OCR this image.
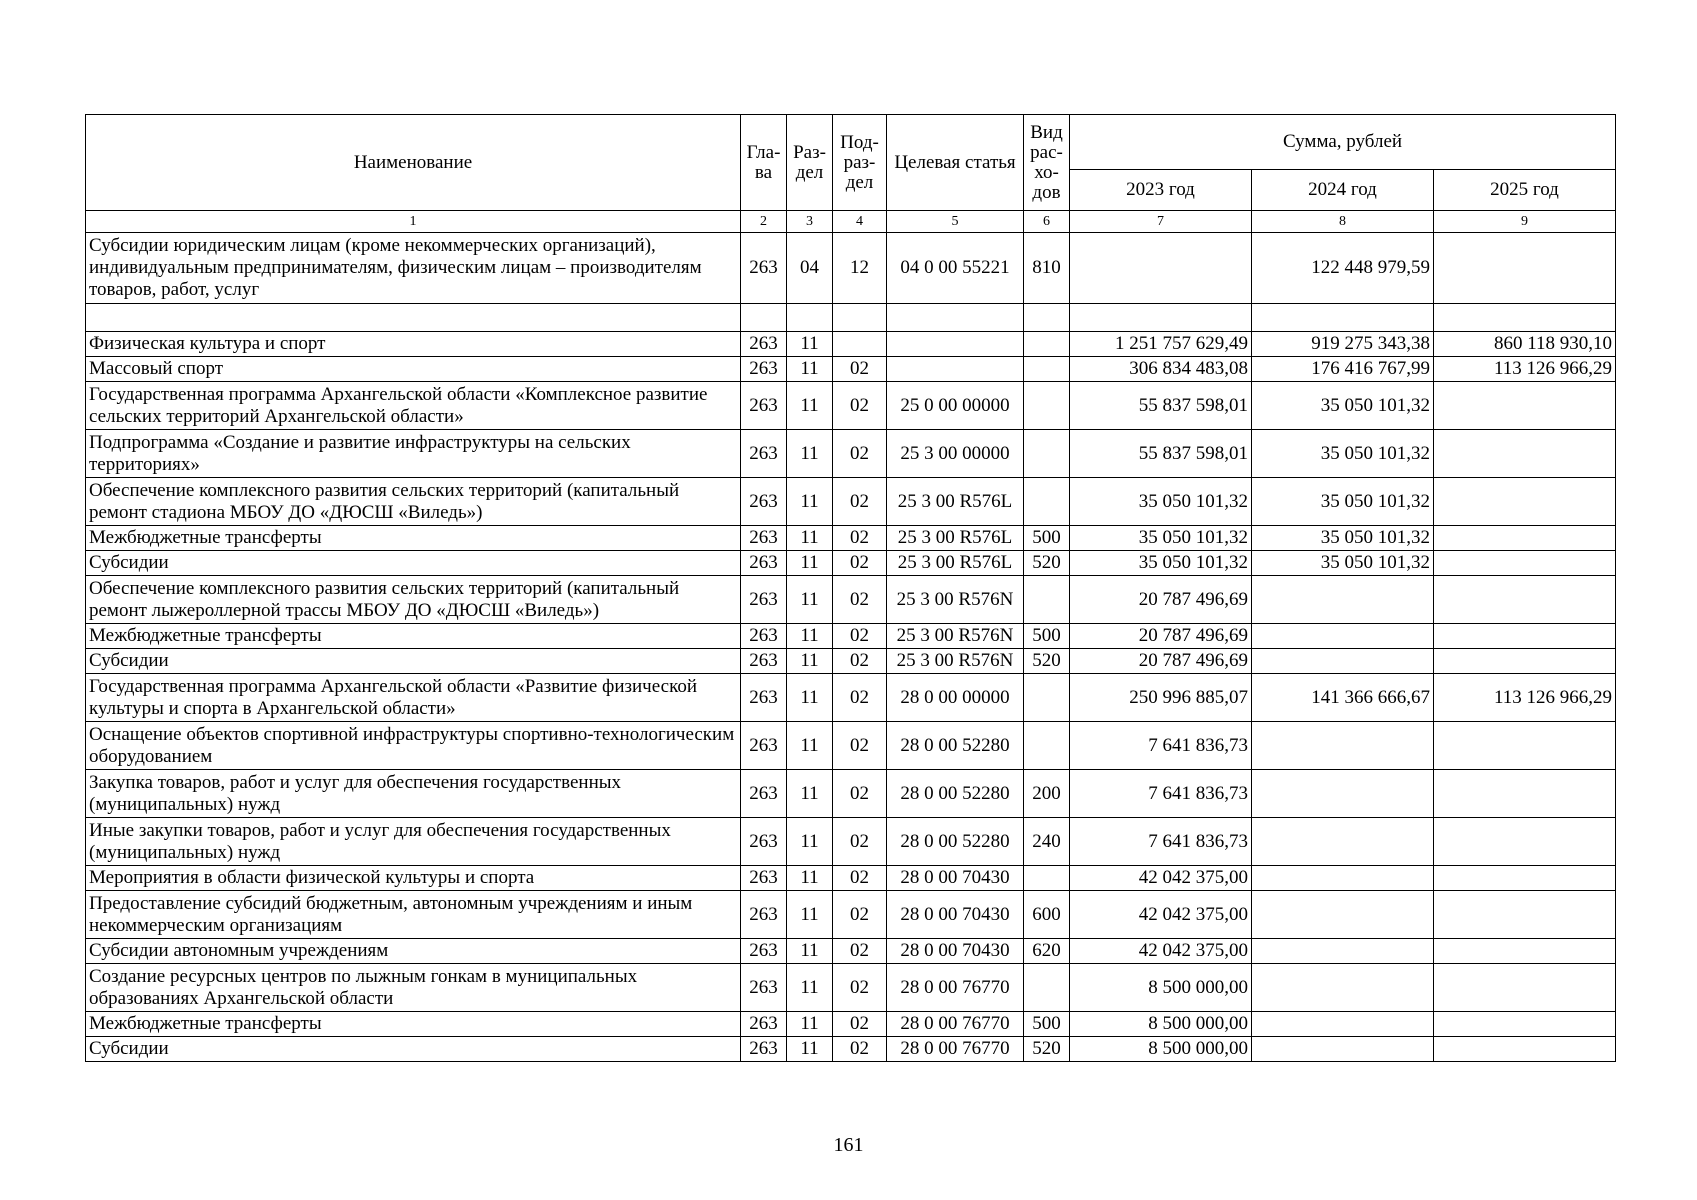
Наименование	Гла-ва	Раз-дел	Под-раз-дел	Целевая статья	Вид рас-хо-дов	Сумма, рублей		
						2023 год	2024 год	2025 год
1	2	3	4	5	6	7	8	9
Субсидии юридическим лицам (кроме некоммерческих организаций), индивидуальным предпринимателям, физическим лицам – производителям товаров, работ, услуг	263	04	12	04 0 00 55221	810		122 448 979,59	

Физическая культура и спорт	263	11				1 251 757 629,49	919 275 343,38	860 118 930,10
Массовый спорт	263	11	02			306 834 483,08	176 416 767,99	113 126 966,29
Государственная программа Архангельской области «Комплексное развитие сельских территорий Архангельской области»	263	11	02	25 0 00 00000		55 837 598,01	35 050 101,32	
Подпрограмма «Создание и развитие инфраструктуры на сельских территориях»	263	11	02	25 3 00 00000		55 837 598,01	35 050 101,32	
Обеспечение комплексного развития сельских территорий (капитальный ремонт стадиона МБОУ ДО «ДЮСШ «Виледь»)	263	11	02	25 3 00 R576L		35 050 101,32	35 050 101,32	
Межбюджетные трансферты	263	11	02	25 3 00 R576L	500	35 050 101,32	35 050 101,32	
Субсидии	263	11	02	25 3 00 R576L	520	35 050 101,32	35 050 101,32	
Обеспечение комплексного развития сельских территорий (капитальный ремонт лыжероллерной трассы МБОУ ДО «ДЮСШ «Виледь»)	263	11	02	25 3 00 R576N		20 787 496,69		
Межбюджетные трансферты	263	11	02	25 3 00 R576N	500	20 787 496,69		
Субсидии	263	11	02	25 3 00 R576N	520	20 787 496,69		
Государственная программа Архангельской области «Развитие физической культуры и спорта в Архангельской области»	263	11	02	28 0 00 00000		250 996 885,07	141 366 666,67	113 126 966,29
Оснащение объектов спортивной инфраструктуры спортивно-технологическим оборудованием	263	11	02	28 0 00 52280		7 641 836,73		
Закупка товаров, работ и услуг для обеспечения государственных (муниципальных) нужд	263	11	02	28 0 00 52280	200	7 641 836,73		
Иные закупки товаров, работ и услуг для обеспечения государственных (муниципальных) нужд	263	11	02	28 0 00 52280	240	7 641 836,73		
Мероприятия в области физической культуры и спорта	263	11	02	28 0 00 70430		42 042 375,00		
Предоставление субсидий бюджетным, автономным учреждениям и иным некоммерческим организациям	263	11	02	28 0 00 70430	600	42 042 375,00		
Субсидии автономным учреждениям	263	11	02	28 0 00 70430	620	42 042 375,00		
Создание ресурсных центров по лыжным гонкам в муниципальных образованиях Архангельской области	263	11	02	28 0 00 76770		8 500 000,00		
Межбюджетные трансферты	263	11	02	28 0 00 76770	500	8 500 000,00		
Субсидии	263	11	02	28 0 00 76770	520	8 500 000,00		
161
